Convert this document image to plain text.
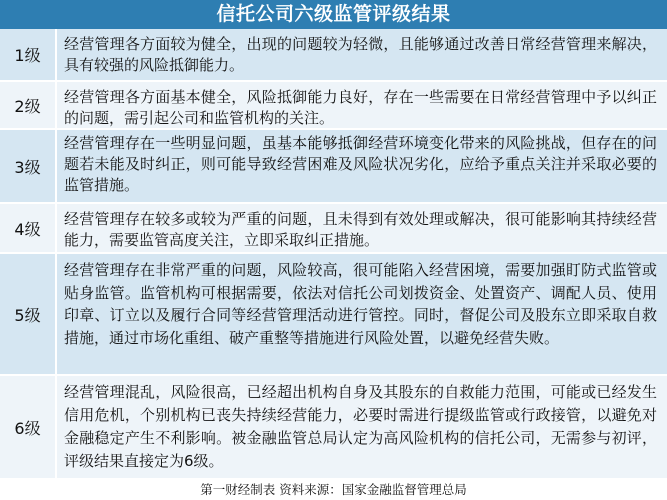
信托公司六级监管评级结果
1级
经营管理各方面较为健全，出现的问题较为轻微，且能够通过改善日常经营管理来解决，具有较强的风险抵御能力。
2级	经营管理各方面基本健全，风险抵御能力良好，存在一些需要在日常经营管理中予以纠正的问题，需引起公司和监管机构的关注。
3级
经营管理存在一些明显问题，虽基本能够抵御经营环境变化带来的风险挑战，但存在的问题若未能及时纠正，则可能导致经营困难及风险状况劣化，应给予重点关注并采取必要的监管措施。
4级
经营管理存在较多或较为严重的问题，且未得到有效处理或解决，很可能影响其持续经营能力，需要监管高度关注，立即采取纠正措施。
5级
经营管理存在非常严重的问题，风险较高，很可能陷入经营困境，需要加强盯防式监管或贴身监管。监管机构可根据需要，依法对信托公司划拨资金、处置资产、调配人员、使用印章、订立以及履行合同等经营管理活动进行管控。同时，督促公司及股东立即采取自救措施，通过市场化重组、破产重整等措施进行风险处置，以避免经营失败。
6级
经营管理混乱，风险很高，已经超出机构自身及其股东的自救能力范围，可能或已经发生信用危机，个别机构已丧失持续经营能力，必要时需进行提级监管或行政接管，以避免对金融稳定产生不利影响。被金融监管总局认定为高风险机构的信托公司，无需参与初评，评级结果直接定为6级。
第一财经制表 资料来源：国家金融监督管理总局
